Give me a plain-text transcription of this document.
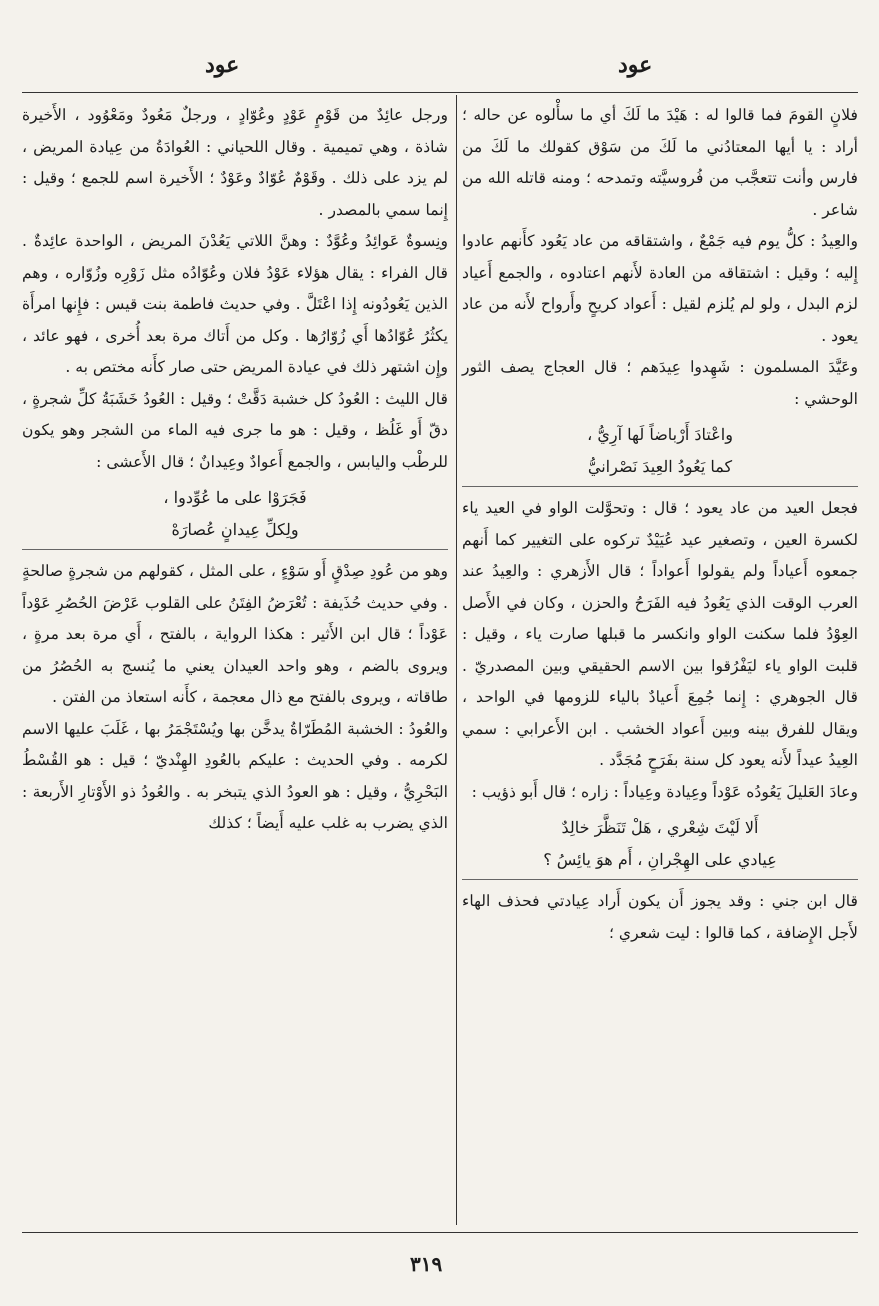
عود
عود

فلانٍ القومَ فما قالوا له : هَيْدَ ما لَكَ أي ما سأْلوه عن حاله ؛ أراد : يا أيها المعتادُني ما لَكَ من سَوْق كقولك ما لَكَ من فارس وأنت تتعجَّب من فُروسيَّته وتمدحه ؛ ومنه قاتله الله من شاعر .

والعِيدُ : كلُّ يوم فيه جَمْعٌ ، واشتقاقه من عاد يَعُود كأَنهم عادوا إِليه ؛ وقيل : اشتقاقه من العادة لأَنهم اعتادوه ، والجمع أَعياد لزم البدل ، ولو لم يُلزم لقيل : أَعواد كريحٍ وأَرواح لأَنه من عاد يعود .

وعَيَّدَ المسلمون : شَهِدوا عِيدَهم ؛ قال العجاج يصف الثور الوحشي :

واعْتادَ أَرْباضاً لَها آرِيُّ ،
كما يَعُودُ العِيدَ نَصْرانيُّ

فجعل العيد من عاد يعود ؛ قال : وتحوَّلت الواو في العيد ياء لكسرة العين ، وتصغير عيد عُيَيْدٌ تركوه على التغيير كما أَنهم جمعوه أَعياداً ولم يقولوا أَعواداً ؛ قال الأَزهري : والعِيدُ عند العرب الوقت الذي يَعُودُ فيه الفَرَحُ والحزن ، وكان في الأَصل العِوْدُ فلما سكنت الواو وانكسر ما قبلها صارت ياء ، وقيل : قلبت الواو ياء ليَفْرُقوا بين الاسم الحقيقي وبين المصدريّ . قال الجوهري : إِنما جُمِعَ أَعيادٌ بالياء للزومها في الواحد ، ويقال للفرق بينه وبين أَعواد الخشب . ابن الأَعرابي : سمي العِيدُ عيداً لأَنه يعود كل سنة بفَرَحٍ مُجَدَّد .

وعادَ العَليلَ يَعُودُه عَوْداً وعِيادة وعِياداً : زاره ؛ قال أَبو ذؤيب :

أَلا لَيْتَ شِعْري ، هَلْ تَنَظَّرَ خالِدٌ
عِيادي على الهِجْرانِ ، أَم هوَ يائِسُ ؟

قال ابن جني : وقد يجوز أَن يكون أَراد عِيادتي فحذف الهاء لأَجل الإِضافة ، كما قالوا : ليت شعري ؛

ورجل عائِدٌ من قَوْمٍ عَوْدٍ وعُوّادٍ ، ورجلٌ مَعُودٌ ومَعْوُود ، الأَخيرة شاذة ، وهي تميمية . وقال اللحياني : العُوادَةُ من عِيادة المريض ، لم يزد على ذلك . وقَوْمٌ عُوّادٌ وعَوْدٌ ؛ الأَخيرة اسم للجمع ؛ وقيل : إِنما سمي بالمصدر .

ونِسوةٌ عَوائِدُ وعُوَّدٌ : وهنَّ اللاتي يَعُدْنَ المريض ، الواحدة عائِدةٌ . قال الفراء : يقال هؤلاء عَوْدُ فلان وعُوّادُه مثل زَوْرِه وزُوّاره ، وهم الذين يَعُودُونه إِذا اعْتَلَّ . وفي حديث فاطمة بنت قيس : فإِنها امرأَة يكثُرُ عُوّادُها أَي زُوّارُها . وكل من أَتاك مرة بعد أُخرى ، فهو عائد ، وإِن اشتهر ذلك في عيادة المريض حتى صار كأَنه مختص به .

قال الليث : العُودُ كل خشبة دَقَّتْ ؛ وقيل : العُودُ خَشَبَةُ كلِّ شجرةٍ ، دقّ أَو غَلُظ ، وقيل : هو ما جرى فيه الماء من الشجر وهو يكون للرطْب واليابس ، والجمع أَعوادٌ وعِيدانٌ ؛ قال الأَعشى :

فَجَرَوْا على ما عُوِّدوا ،
ولِكلِّ عِيدانٍ عُصارَهْ

وهو من عُودِ صِدْقٍ أَو سَوْءٍ ، على المثل ، كقولهم من شجرةٍ صالحةٍ . وفي حديث حُذَيفة : تُعْرَضُ الفِتَنُ على القلوب عَرْضَ الحُصُرِ عَوْداً عَوْداً ؛ قال ابن الأَثير : هكذا الرواية ، بالفتح ، أَي مرة بعد مرةٍ ، ويروى بالضم ، وهو واحد العيدان يعني ما يُنسج به الحُصُرُ من طاقاته ، ويروى بالفتح مع ذال معجمة ، كأَنه استعاذ من الفتن .

والعُودُ : الخشبة المُطَرّاةُ يدخَّن بها ويُسْتَجْمَرُ بها ، غَلَبَ عليها الاسم لكرمه . وفي الحديث : عليكم بالعُودِ الهِنْديّ ؛ قيل : هو القُسْطُ البَحْرِيُّ ، وقيل : هو العودُ الذي يتبخر به . والعُودُ ذو الأَوْتارِ الأَربعة : الذي يضرب به غلب عليه أَيضاً ؛ كذلك

٣١٩
